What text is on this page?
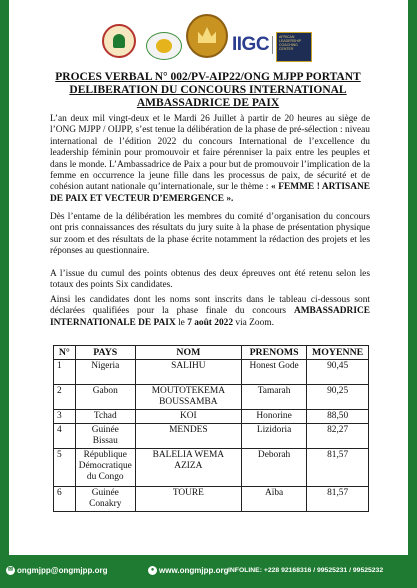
IIGC	AFRICAN LEADERSHIP COACHING CENTER
PROCES VERBAL N° 002/PV-AIP22/ONG MJPP PORTANT DELIBERATION DU CONCOURS INTERNATIONAL AMBASSADRICE DE PAIX

L’an deux mil vingt-deux et le Mardi 26 Juillet à partir de 20 heures au siège de l’ONG MJPP / OIJPP, s’est tenue la délibération de la phase de pré-sélection : niveau international de l’édition 2022 du concours International de l’excellence du leadership féminin pour promouvoir et faire pérenniser la paix entre les peuples et dans le monde. L’Ambassadrice de Paix a pour but de promouvoir l’implication de la femme en occurrence la jeune fille dans les processus de paix, de sécurité et de cohésion autant nationale qu’internationale, sur le thème : « FEMME ! ARTISANE DE PAIX ET VECTEUR D’EMERGENCE ».

Dès l’entame de la délibération les membres du comité d’organisation du concours ont pris connaissances des résultats du jury suite à la phase de présentation physique sur zoom et des résultats de la phase écrite notamment la rédaction des projets et les réponses au questionnaire.

A l’issue du cumul des points obtenus des deux épreuves ont été retenu selon les totaux des points Six candidates.

Ainsi les candidates dont les noms sont inscrits dans le tableau ci-dessous sont déclarées qualifiées pour la phase finale du concours AMBASSADRICE INTERNATIONALE DE PAIX le 7 août 2022 via Zoom.

N°	PAYS	NOM	PRENOMS	MOYENNE
1	Nigeria	SALIHU	Honest Gode	90,45
2	Gabon	MOUTOTEKEMA BOUSSAMBA	Tamarah	90,25
3	Tchad	KOI	Honorine	88,50
4	Guinée Bissau	MENDES	Lizidoria	82,27
5	République Démocratique du Congo	BALELIA WEMA AZIZA	Deborah	81,57
6	Guinée Conakry	TOURE	Aïba	81,57
✉ ongmjpp@ongmjpp.org	● www.ongmjpp.org INFOLINE: +228 92168316 / 99525231 / 99525232
